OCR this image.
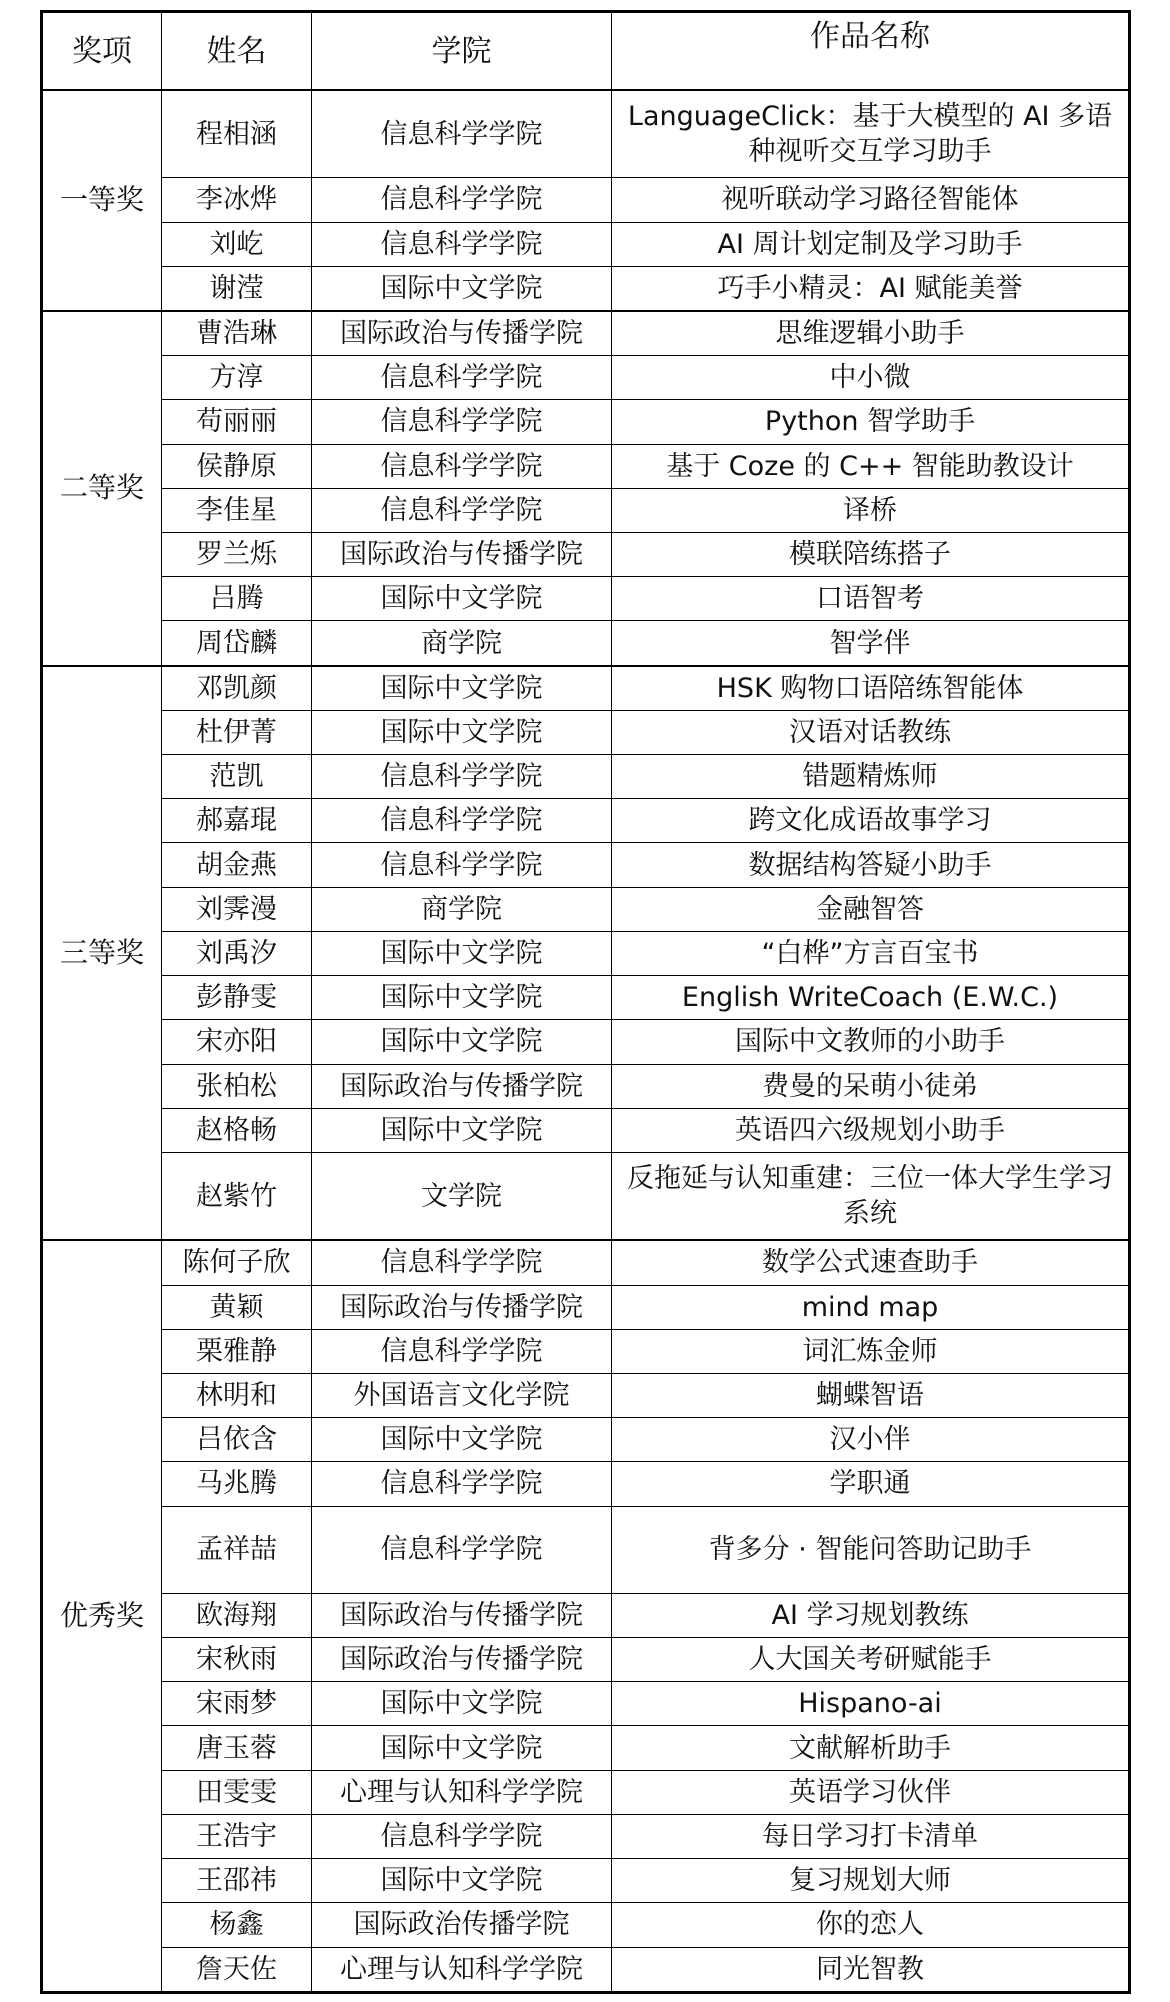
奖项	姓名	学院	作品名称
一等奖	程相涵	信息科学学院	LanguageClick：基于大模型的 AI 多语种视听交互学习助手
	李冰烨	信息科学学院	视听联动学习路径智能体
	刘屹	信息科学学院	AI 周计划定制及学习助手
	谢滢	国际中文学院	巧手小精灵：AI 赋能美誉
二等奖	曹浩琳	国际政治与传播学院	思维逻辑小助手
	方淳	信息科学学院	中小微
	苟丽丽	信息科学学院	Python 智学助手
	侯静原	信息科学学院	基于 Coze 的 C++ 智能助教设计
	李佳星	信息科学学院	译桥
	罗兰烁	国际政治与传播学院	模联陪练搭子
	吕腾	国际中文学院	口语智考
	周岱麟	商学院	智学伴
三等奖	邓凯颜	国际中文学院	HSK 购物口语陪练智能体
	杜伊菁	国际中文学院	汉语对话教练
	范凯	信息科学学院	错题精炼师
	郝嘉琨	信息科学学院	跨文化成语故事学习
	胡金燕	信息科学学院	数据结构答疑小助手
	刘霁漫	商学院	金融智答
	刘禹汐	国际中文学院	“白桦”方言百宝书
	彭静雯	国际中文学院	English WriteCoach (E.W.C.)
	宋亦阳	国际中文学院	国际中文教师的小助手
	张柏松	国际政治与传播学院	费曼的呆萌小徒弟
	赵格畅	国际中文学院	英语四六级规划小助手
	赵紫竹	文学院	反拖延与认知重建：三位一体大学生学习系统
优秀奖	陈何子欣	信息科学学院	数学公式速查助手
	黄颖	国际政治与传播学院	mind map
	栗雅静	信息科学学院	词汇炼金师
	林明和	外国语言文化学院	蝴蝶智语
	吕依含	国际中文学院	汉小伴
	马兆腾	信息科学学院	学职通
	孟祥喆	信息科学学院	背多分 · 智能问答助记助手
	欧海翔	国际政治与传播学院	AI 学习规划教练
	宋秋雨	国际政治与传播学院	人大国关考研赋能手
	宋雨梦	国际中文学院	Hispano-ai
	唐玉蓉	国际中文学院	文献解析助手
	田雯雯	心理与认知科学学院	英语学习伙伴
	王浩宇	信息科学学院	每日学习打卡清单
	王邵祎	国际中文学院	复习规划大师
	杨鑫	国际政治传播学院	你的恋人
	詹天佐	心理与认知科学学院	同光智教
